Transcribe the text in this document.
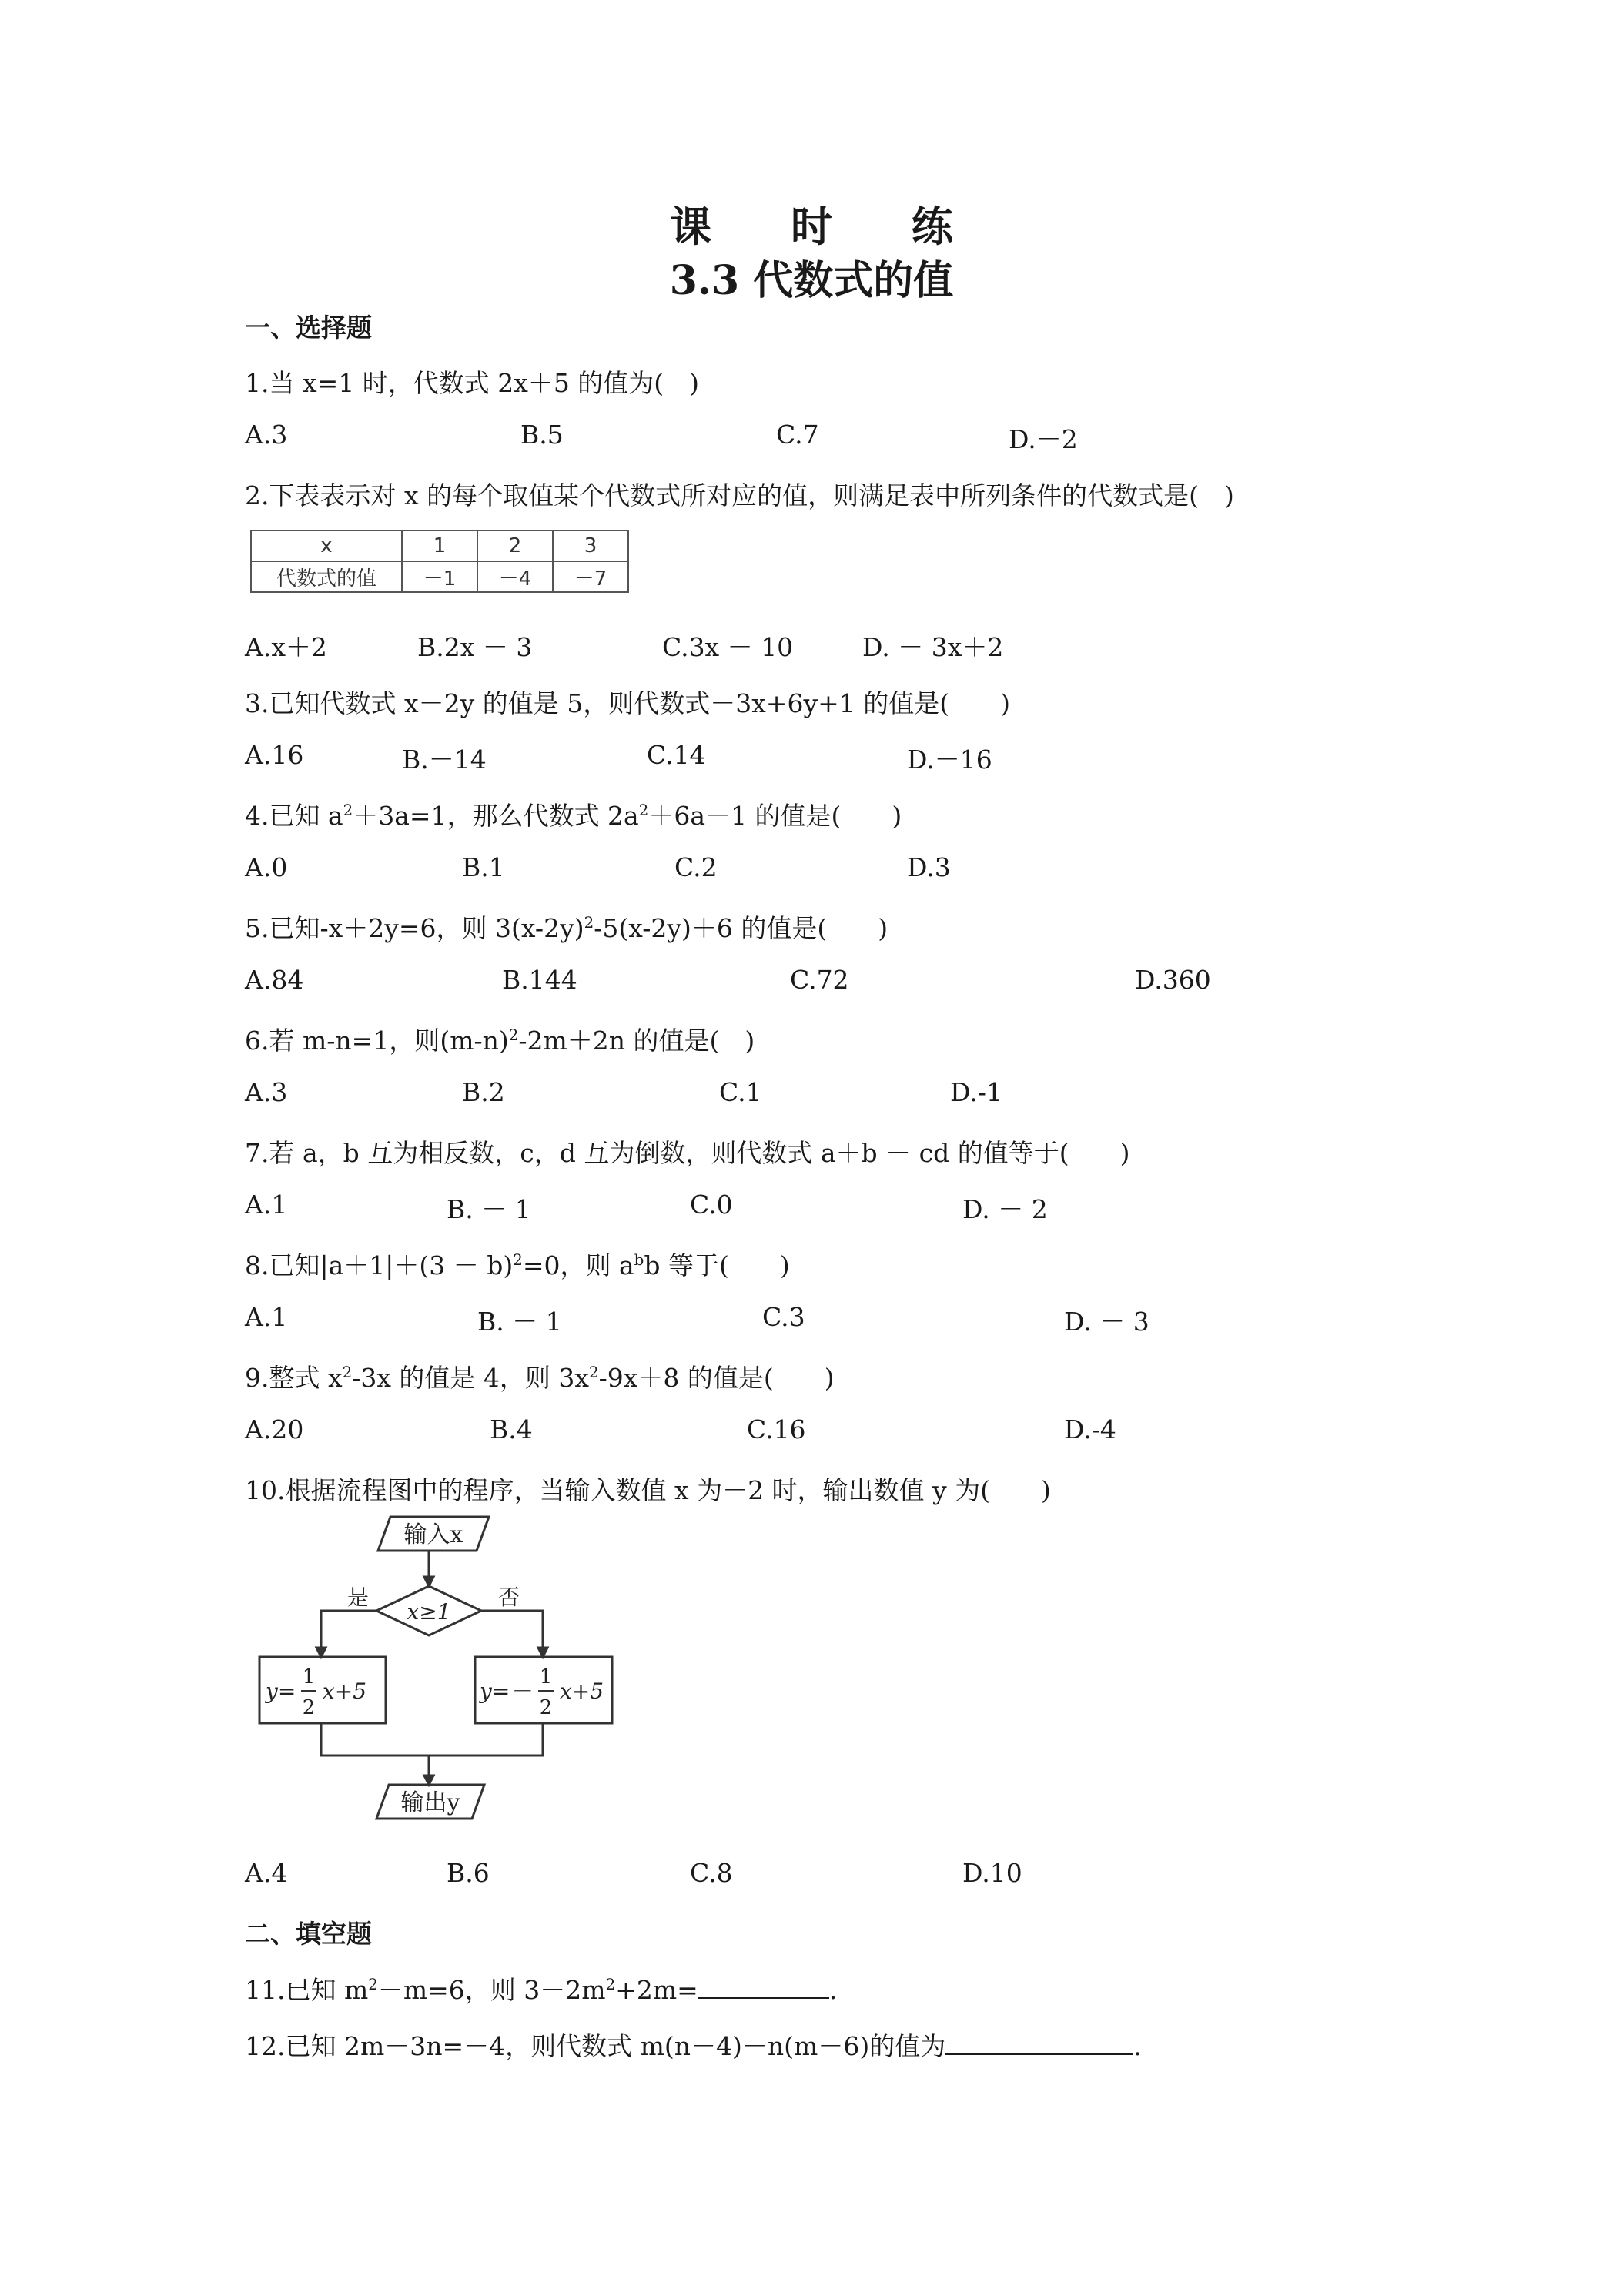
课 时 练
3.3 代数式的值
一、选择题
1.当 x=1 时，代数式 2x＋5 的值为(　)
A.3	B.5	C.7	D.－2
2.下表表示对 x 的每个取值某个代数式所对应的值，则满足表中所列条件的代数式是(　)
x	1	2	3
代数式的值	－1	－4	－7
A.x＋2	B.2x － 3	C.3x － 10	D. － 3x＋2
3.已知代数式 x－2y 的值是 5，则代数式－3x+6y+1 的值是(　　)
A.16	B.－14	C.14	D.－16
4.已知 $a^2+3a=1$，那么代数式 $2a^2+6a-1$ 的值是(　　)
A.0	B.1	C.2	D.3
5.已知-x＋2y=6，则 $3(x-2y)^2-5(x-2y)+6$ 的值是(　　)
A.84	B.144	C.72	D.360
6.若 m-n=1，则$(m-n)^2-2m+2n$ 的值是(　)
A.3	B.2	C.1	D.-1
7.若 a，b 互为相反数，c，d 互为倒数，则代数式 a＋b － cd 的值等于(　　)
A.1	B. － 1	C.0	D. － 2
8.已知$|a+1|+(3 - b)^2=0$，则 $a^bb$ 等于(　　)
A.1	B. － 1	C.3	D. － 3
9.整式 $x^2-3x$ 的值是 4，则 $3x^2-9x+8$ 的值是(　　)
A.20	B.4	C.16	D.-4
10.根据流程图中的程序，当输入数值 x 为－2 时，输出数值 y 为(　　)
输入x
x≥1
是	否
y=
1
2
x+5	y=－
1
2
x+5
输出y
A.4	B.6	C.8	D.10
二、填空题
11.已知 $m^2-m=6$，则 $3-2m^2+2m=$	.
12.已知 2m－3n=－4，则代数式 m(n－4)－n(m－6)的值为	.
